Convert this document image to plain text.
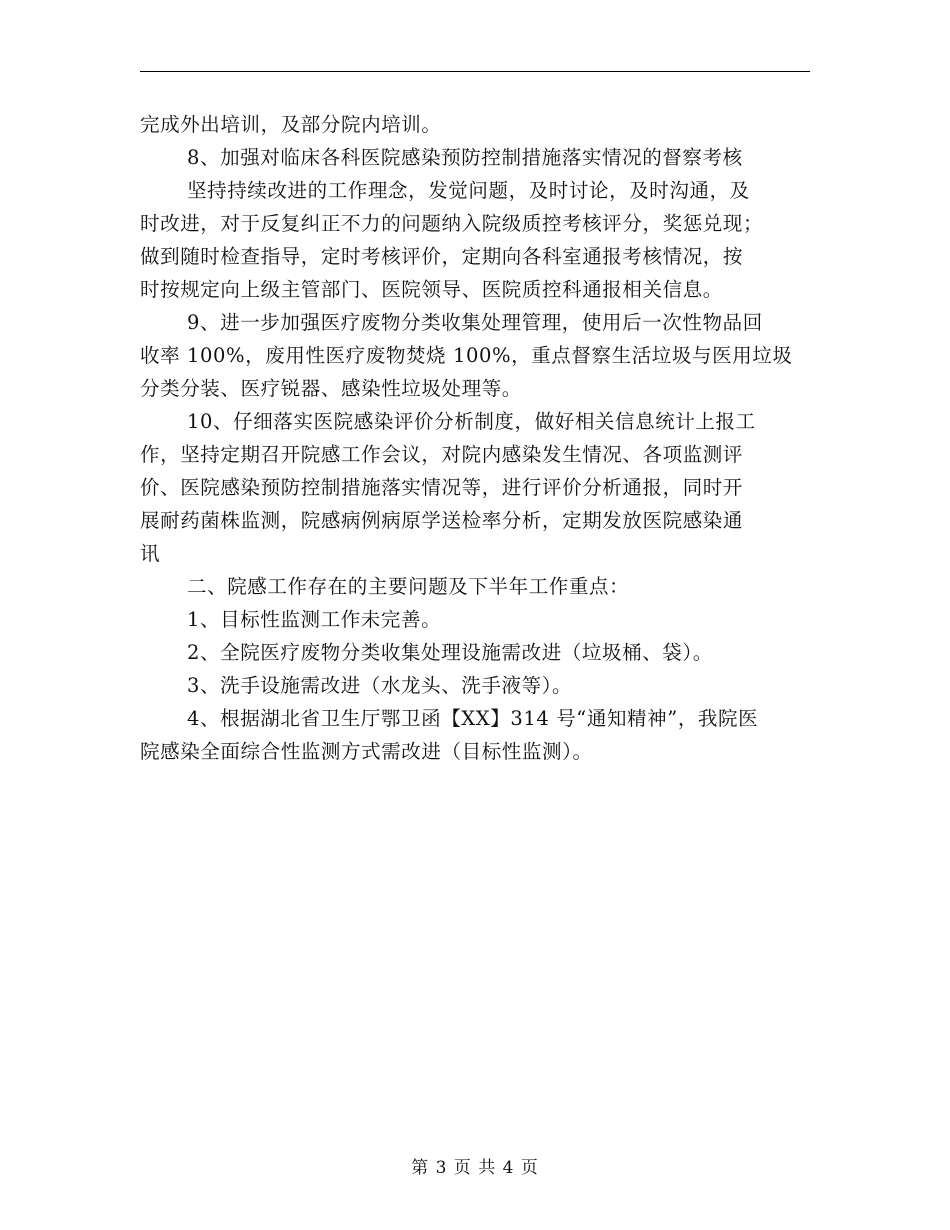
完成外出培训，及部分院内培训。
8、加强对临床各科医院感染预防控制措施落实情况的督察考核
坚持持续改进的工作理念，发觉问题，及时讨论，及时沟通，及
时改进，对于反复纠正不力的问题纳入院级质控考核评分，奖惩兑现；
做到随时检查指导，定时考核评价，定期向各科室通报考核情况，按
时按规定向上级主管部门、医院领导、医院质控科通报相关信息。
9、进一步加强医疗废物分类收集处理管理，使用后一次性物品回
收率 100%，废用性医疗废物焚烧 100%，重点督察生活垃圾与医用垃圾
分类分装、医疗锐器、感染性垃圾处理等。
10、仔细落实医院感染评价分析制度，做好相关信息统计上报工
作，坚持定期召开院感工作会议，对院内感染发生情况、各项监测评
价、医院感染预防控制措施落实情况等，进行评价分析通报，同时开
展耐药菌株监测，院感病例病原学送检率分析，定期发放医院感染通
讯
二、院感工作存在的主要问题及下半年工作重点：
1、目标性监测工作未完善。
2、全院医疗废物分类收集处理设施需改进（垃圾桶、袋）。
3、洗手设施需改进（水龙头、洗手液等）。
4、根据湖北省卫生厅鄂卫函【XX】314 号“通知精神”，我院医
院感染全面综合性监测方式需改进（目标性监测）。
第 3 页 共 4 页
